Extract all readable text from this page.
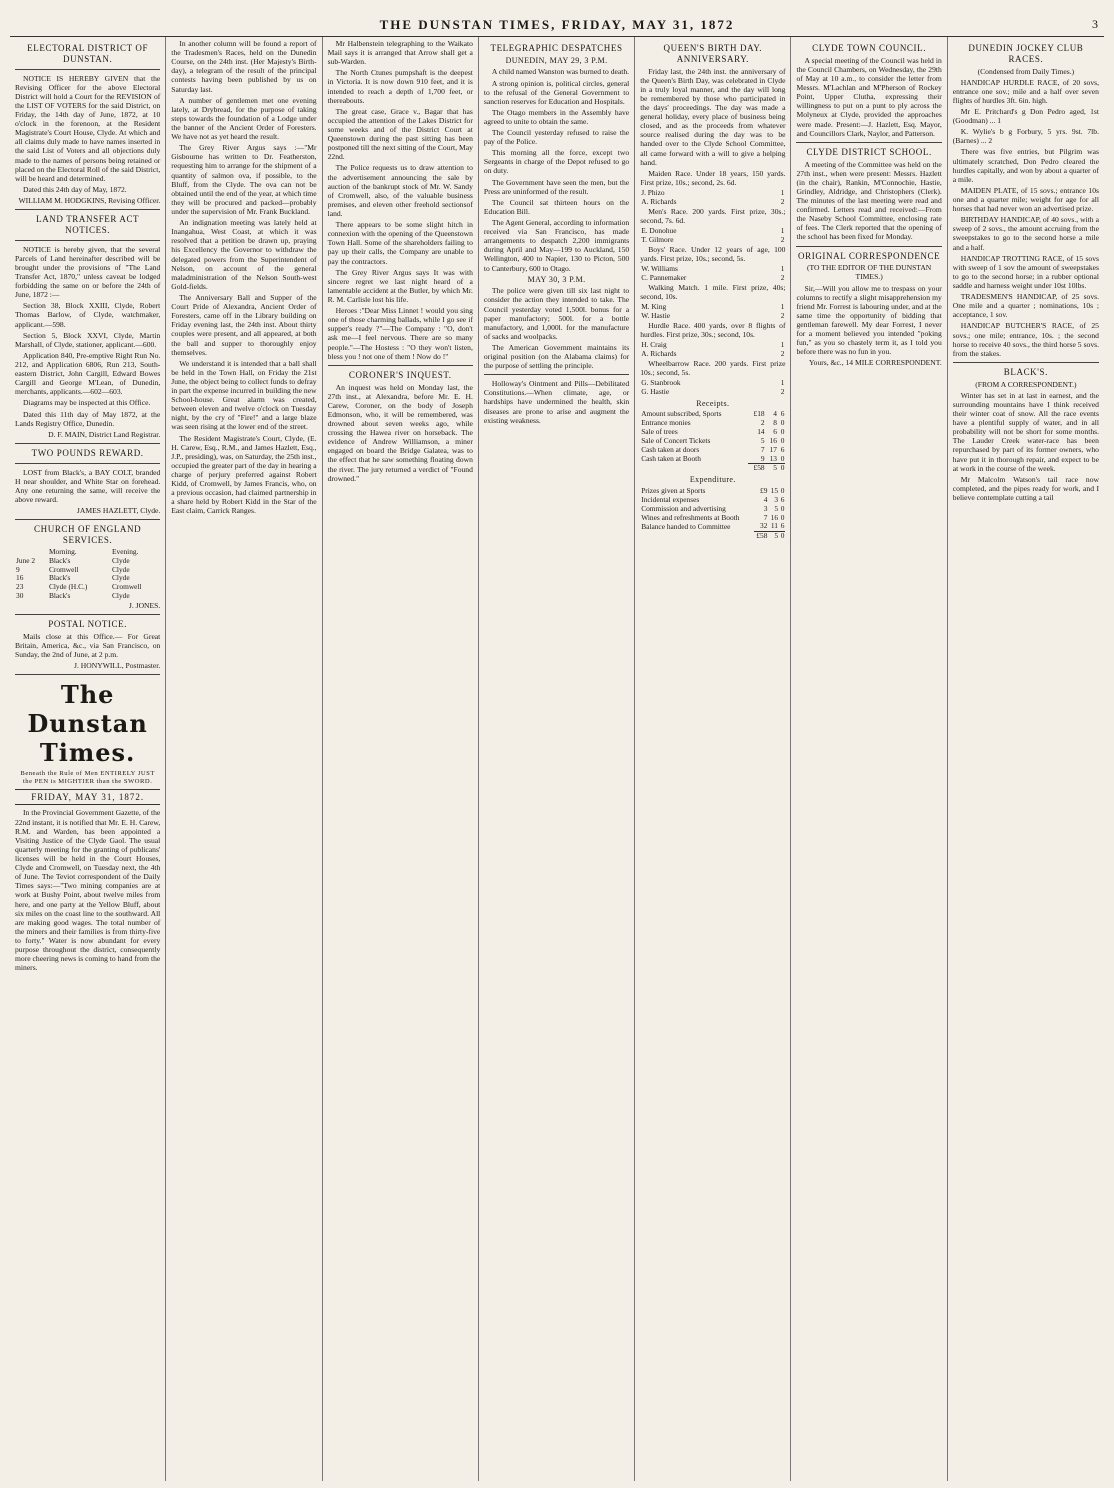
THE DUNSTAN TIMES, FRIDAY, MAY 31, 1872	3
ELECTORAL DISTRICT OF DUNSTAN.

NOTICE IS HEREBY GIVEN that the Revising Officer for the above Electoral District will hold a Court for the REVISION of the LIST OF VOTERS for the said District, on Friday, the 14th day of June, 1872, at 10 o'clock in the forenoon, at the Resident Magistrate's Court House, Clyde. At which and all claims duly made to have names inserted in the said List of Voters and all objections duly made to the names of persons being retained or placed on the Electoral Roll of the said District, will be heard and determined.

Dated this 24th day of May, 1872.

WILLIAM M. HODGKINS, Revising Officer.

LAND TRANSFER ACT NOTICES.

NOTICE is hereby given, that the several Parcels of Land hereinafter described will be brought under the provisions of "The Land Transfer Act, 1870," unless caveat be lodged forbidding the same on or before the 24th of June, 1872 :—

Section 38, Block XXIII, Clyde, Robert Thomas Barlow, of Clyde, watchmaker, applicant.—598.

Section 5, Block XXVI, Clyde, Martin Marshall, of Clyde, stationer, applicant.—600.

Application 840, Pre-emptive Right Run No. 212, and Application 6806, Run 213, South-eastern District, John Cargill, Edward Bowes Cargill and George M'Lean, of Dunedin, merchants, applicants.—602—603.

Diagrams may be inspected at this Office.

Dated this 11th day of May 1872, at the Lands Registry Office, Dunedin.

D. F. MAIN, District Land Registrar.

TWO POUNDS REWARD.

LOST from Black's, a BAY COLT, branded H near shoulder, and White Star on forehead. Any one returning the same, will receive the above reward.

JAMES HAZLETT, Clyde.

CHURCH OF ENGLAND SERVICES.
	Morning.	Evening.
June 2	Black's	Clyde
9	Cromwell	Clyde
16	Black's	Clyde
23	Clyde (H.C.)	Cromwell
30	Black's	Clyde

J. JONES.

POSTAL NOTICE.

Mails close at this Office.— For Great Britain, America, &c., via San Francisco, on Sunday, the 2nd of June, at 2 p.m.

J. HONYWILL, Postmaster.

The Dunstan Times.

Beneath the Rule of Men ENTIRELY JUST the PEN is MIGHTIER than the SWORD.

FRIDAY, MAY 31, 1872.

In the Provincial Government Gazette, of the 22nd instant, it is notified that Mr. E. H. Carew, R.M. and Warden, has been appointed a Visiting Justice of the Clyde Gaol. The usual quarterly meeting for the granting of publicans' licenses will be held in the Court Houses, Clyde and Cromwell, on Tuesday next, the 4th of June. The Teviot correspondent of the Daily Times says:—"Two mining companies are at work at Bushy Point, about twelve miles from here, and one party at the Yellow Bluff, about six miles on the coast line to the southward. All are making good wages. The total number of the miners and their families is from thirty-five to forty." Water is now abundant for every purpose throughout the district, consequently more cheering news is coming to hand from the miners.

In another column will be found a report of the Tradesmen's Races, held on the Dunedin Course, on the 24th inst. (Her Majesty's Birth-day), a telegram of the result of the principal contests having been published by us on Saturday last.

A number of gentlemen met one evening lately, at Drybread, for the purpose of taking steps towards the foundation of a Lodge under the banner of the Ancient Order of Foresters. We have not as yet heard the result.

The Grey River Argus says :—"Mr Gisbourne has written to Dr. Featherston, requesting him to arrange for the shipment of a quantity of salmon ova, if possible, to the Bluff, from the Clyde. The ova can not be obtained until the end of the year, at which time they will be procured and packed—probably under the supervision of Mr. Frank Buckland.

An indignation meeting was lately held at Inangahua, West Coast, at which it was resolved that a petition be drawn up, praying his Excellency the Governor to withdraw the delegated powers from the Superintendent of Nelson, on account of the general maladministration of the Nelson South-west Gold-fields.

The Anniversary Ball and Supper of the Court Pride of Alexandra, Ancient Order of Foresters, came off in the Library building on Friday evening last, the 24th inst. About thirty couples were present, and all appeared, at both the ball and supper to thoroughly enjoy themselves.

We understand it is intended that a ball shall be held in the Town Hall, on Friday the 21st June, the object being to collect funds to defray in part the expense incurred in building the new School-house. Great alarm was created, between eleven and twelve o'clock on Tuesday night, by the cry of "Fire!" and a large blaze was seen rising at the lower end of the street.

The Resident Magistrate's Court, Clyde, (E. H. Carew, Esq., R.M., and James Hazlett, Esq., J.P., presiding), was, on Saturday, the 25th inst., occupied the greater part of the day in hearing a charge of perjury preferred against Robert Kidd, of Cromwell, by James Francis, who, on a previous occasion, had claimed partnership in a share held by Robert Kidd in the Star of the East claim, Carrick Ranges.

Mr Halbenstein telegraphing to the Waikato Mail says it is arranged that Arrow shall get a sub-Warden.

The North Ctunes pumpshaft is the deepest in Victoria. It is now down 910 feet, and it is intended to reach a depth of 1,700 feet, or thereabouts.

The great case, Grace v., Bagar that has occupied the attention of the Lakes District for some weeks and of the District Court at Queenstown during the past sitting has been postponed till the next sitting of the Court, May 22nd.

The Police requests us to draw attention to the advertisement announcing the sale by auction of the bankrupt stock of Mr. W. Sandy of Cromwell, also, of the valuable business premises, and eleven other freehold sectionsof land.

There appears to be some slight hitch in connexion with the opening of the Queenstown Town Hall. Some of the shareholders failing to pay up their calls, the Company are unable to pay the contractors.

The Grey River Argus says It was with sincere regret we last night heard of a lamentable accident at the Butler, by which Mr. R. M. Carlisle lost his life.

Heroes :"Dear Miss Linnet ! would you sing one of those charming ballads, while I go see if supper's ready ?"—The Company : "O, don't ask me—I feel nervous. There are so many people."—The Hostess : "O they won't listen, bless you ! not one of them ! Now do !"

CORONER'S INQUEST.

An inquest was held on Monday last, the 27th inst., at Alexandra, before Mr. E. H. Carew, Coroner, on the body of Joseph Edmonson, who, it will be remembered, was drowned about seven weeks ago, while crossing the Hawea river on horseback. The evidence of Andrew Williamson, a miner engaged on board the Bridge Galatea, was to the effect that he saw something floating down the river. The jury returned a verdict of "Found drowned."

TELEGRAPHIC DESPATCHES
DUNEDIN, MAY 29, 3 P.M.

A child named Wanston was burned to death.

A strong opinion is, political circles, general to the refusal of the General Government to sanction reserves for Education and Hospitals.

The Otago members in the Assembly have agreed to unite to obtain the same.

The Council yesterday refused to raise the pay of the Police.

This morning all the force, except two Sergeants in charge of the Depot refused to go on duty.

The Government have seen the men, but the Press are uninformed of the result.

The Council sat thirteen hours on the Education Bill.

The Agent General, according to information received via San Francisco, has made arrangements to despatch 2,200 immigrants during April and May—199 to Auckland, 150 Wellington, 400 to Napier, 130 to Picton, 500 to Canterbury, 600 to Otago.

MAY 30, 3 P.M.

The police were given till six last night to consider the action they intended to take. The Council yesterday voted 1,500l. bonus for a paper manufactory; 500l. for a bottle manufactory, and 1,000l. for the manufacture of sacks and woolpacks.

The American Government maintains its original position (on the Alabama claims) for the purpose of settling the principle.

Holloway's Ointment and Pills—Debilitated Constitutions.—When climate, age, or hardships have undermined the health, skin diseases are prone to arise and augment the existing weakness.

QUEEN'S BIRTH DAY. ANNIVERSARY.

Friday last, the 24th inst. the anniversary of the Queen's Birth Day, was celebrated in Clyde in a truly loyal manner, and the day will long be remembered by those who participated in the days' proceedings. The day was made a general holiday, every place of business being closed, and as the proceeds from whatever source realised during the day was to be handed over to the Clyde School Committee, all came forward with a will to give a helping hand.

Maiden Race. Under 18 years, 150 yards. First prize, 10s.; second, 2s. 6d.

J. Phizo	1
A. Richards	2

Men's Race. 200 yards. First prize, 30s.; second, 7s. 6d.

E. Donohue	1
T. Gilmore	2

Boys' Race. Under 12 years of age, 100 yards. First prize, 10s.; second, 5s.

W. Williams	1
C. Pannemaker	2

Walking Match. 1 mile. First prize, 40s; second, 10s.

M. King	1
W. Hastie	2

Hurdle Race. 400 yards, over 8 flights of hurdles. First prize, 30s.; second, 10s.

H. Craig	1
A. Richards	2

Wheelbarrow Race. 200 yards. First prize 10s.; second, 5s.

G. Stanbrook	1
G. Hastie	2
Receipts.
Amount subscribed, Sports	£18	4	6
Entrance monies	2	8	0
Sale of trees	14	6	0
Sale of Concert Tickets	5	16	0
Cash taken at doors	7	17	6
Cash taken at Booth	9	13	0
	£58	5	0
Expenditure.
Prizes given at Sports	£9	15	0
Incidental expenses	4	3	6
Commission and advertising	3	5	0
Wines and refreshments at Booth	7	16	0
Balance handed to Committee	32	11	6
	£58	5	0
CLYDE TOWN COUNCIL.

A special meeting of the Council was held in the Council Chambers, on Wednesday, the 29th of May at 10 a.m., to consider the letter from Messrs. M'Lachlan and M'Pherson of Rockey Point, Upper Clutha, expressing their willingness to put on a punt to ply across the Molyneux at Clyde, provided the approaches were made. Present:—J. Hazlett, Esq. Mayor, and Councillors Clark, Naylor, and Patterson.

CLYDE DISTRICT SCHOOL.

A meeting of the Committee was held on the 27th inst., when were present: Messrs. Hazlett (in the chair), Rankin, M'Connochie, Hastie, Grindley, Aldridge, and Christophers (Clerk). The minutes of the last meeting were read and confirmed. Letters read and received:—From the Naseby School Committee, enclosing rate of fees. The Clerk reported that the opening of the school has been fixed for Monday.

ORIGINAL CORRESPONDENCE

(TO THE EDITOR OF THE DUNSTAN TIMES.)

Sir,—Will you allow me to trespass on your columns to rectify a slight misapprehension my friend Mr. Forrest is labouring under, and at the same time the opportunity of bidding that gentleman farewell. My dear Forrest, I never for a moment believed you intended "poking fun," as you so chastely term it, as I told you before there was no fun in you.

Yours, &c., 14 MILE CORRESPONDENT.

DUNEDIN JOCKEY CLUB RACES.

(Condensed from Daily Times.)

HANDICAP HURDLE RACE, of 20 sovs, entrance one sov.; mile and a half over seven flights of hurdles 3ft. 6in. high.

Mr E. Pritchard's g Don Pedro aged, 1st (Goodman) ... 1

K. Wylie's b g Forbury, 5 yrs. 9st. 7lb. (Barnes) ... 2

There was five entries, but Pilgrim was ultimately scratched, Don Pedro cleared the hurdles capitally, and won by about a quarter of a mile.

MAIDEN PLATE, of 15 sovs.; entrance 10s one and a quarter mile; weight for age for all horses that had never won an advertised prize.

BIRTHDAY HANDICAP, of 40 sovs., with a sweep of 2 sovs., the amount accruing from the sweepstakes to go to the second horse a mile and a half.

HANDICAP TROTTING RACE, of 15 sovs with sweep of 1 sov the amount of sweepstakes to go to the second horse; in a rubber optional saddle and harness weight under 10st 10lbs.

TRADESMEN'S HANDICAP, of 25 sovs. One mile and a quarter ; nominations, 10s ; acceptance, 1 sov.

HANDICAP BUTCHER'S RACE, of 25 sovs.; one mile; entrance, 10s. ; the second horse to receive 40 sovs., the third horse 5 sovs. from the stakes.

BLACK'S.

(FROM A CORRESPONDENT.)

Winter has set in at last in earnest, and the surrounding mountains have I think received their winter coat of snow. All the race events have a plentiful supply of water, and in all probability will not be short for some months. The Lauder Creek water-race has been repurchased by part of its former owners, who have put it in thorough repair, and expect to be at work in the course of the week.

Mr Malcolm Watson's tail race now completed, and the pipes ready for work, and I believe contemplate cutting a tail
